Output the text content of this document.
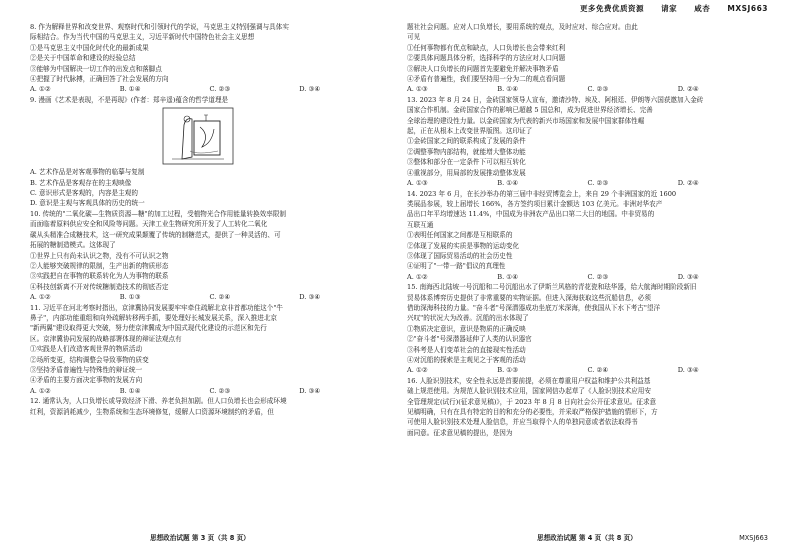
更多免费优质资源 请家 咸杏 MXSJ663

8. 作为解释世界和改变世界、观察时代和引领时代的学说，马克思主义特别强调与具体实

际相结合。作为当代中国的马克思主义，习近平新时代中国特色社会主义思想

①是马克思主义中国化时代化的最新成果

②是关于中国革命和建设的经验总结

③能够为中国解决一切工作的出发点和落脚点

④把握了时代脉搏，正确回答了社会发展的方向

A. ①②	B. ①④	C. ②③	D. ③④

9. 漫画《艺术是表现，不是再现》(作者：郑辛遥)蕴含的哲学道理是

A. 艺术作品是对客观事物的临摹与复制

B. 艺术作品是客观存在的主观映像

C. 意识形式是客观的，内容是主观的

D. 意识是主观与客观具体的历史的统一

10. 传统的"二氧化碳—生物质资源—糖"的加工过程，受植物光合作用能量转换效率限制

而面临着原料供应安全和风险等问题。天津工业生物研究所开发了人工转化二氧化

碳从头精准合成糖技术，这一研究成果颠覆了传统的制糖范式，提供了一种灵活的、可

拓展的糖制造模式。这体现了

①世界上只有尚未认识之物，没有不可认识之物

②人能够突破规律的限制，生产出新的物质形态

③实践把自在事物的联系转化为人为事物的联系

④科技创新离不开对传统糖制造技术的彻底否定

A. ①②	B. ①③	C. ②④	D. ③④

11. 习近平在河北考察时指出，京津冀协同发展要牢牢牵住疏解北京非首都功能这个"牛

鼻子"，内部功能重组和向外疏解转移两手抓，要处理好长城发展关系，深入推进北京

"新两翼"建设取得更大突破，努力使京津冀成为中国式现代化建设的示范区和先行

区。京津冀协同发展的战略部署体现的辩证法观点有

①实践是人们改造客观世界的物质活动

②场所变更，结构调整会导致事物的质变

③坚持矛盾普遍性与特殊性的辩证统一

④矛盾的主要方面决定事物的发展方向

A. ①②	B. ①④	C. ②③	D. ③④

12. 通常认为，人口负增长或导致经济下滑、养老负担加剧。但人口负增长也会形成环境

红利，资源消耗减少，生物系统和生态环境修复，缓解人口资源环境制约的矛盾，但

思想政治试题 第 3 页（共 8 页）

题社社会问题。应对人口负增长，要用系统的观点，及时应对、综合应对。由此

可见

①任何事物都有优点和缺点，人口负增长也会带来红利

②要具体问题具体分析，选择科学的方法应对人口问题

③解决人口负增长的问题首先要避免并解决事物矛盾

④矛盾有普遍性，我们要坚持用一分为二的观点看问题

A. ①③	B. ①④	C. ②③	D. ②④

13. 2023 年 8 月 24 日，金砖国家领导人宣布，邀请沙特、埃及、阿根廷、伊朗等六国获邀加入金砖

国家合作机制。金砖国家合作的影响已超越 5 国总和，成为促进世界经济增长、完善

全球治理的建设性力量。以金砖国家为代表的新兴市场国家和发展中国家群体性崛

起，正在从根本上改变世界版图。这印证了

①金砖国家之间的联系构成了发展的条件

②调整事物内部结构，就能增大整体功能

③整体和部分在一定条件下可以相互转化

④重视部分，用局部的发展推动整体发展

A. ①③	B. ①④	C. ②③	D. ②④

14. 2023 年 6 月，在长沙举办的第三届中非经贸博览会上，来自 29 个非洲国家的近 1600

类展品参展，较上届增长 166%，各方签约项目累计金额达 103 亿美元。非洲对华农产

品出口年平均增速达 11.4%，中国成为非洲农产品出口第二大目的地国。中非贸易的

互联互通

①表明任何国家之间都是互相联系的

②体现了发展的实质是事物的运动变化

③体现了国际贸易活动的社会历史性

④证明了"一带一路"倡议的真理性

A. ①②	B. ①④	C. ②③	D. ③④

15. 南海西北陆坡一号沉船和二号沉船出水了伊斯兰风格的青花瓷和珐华器，给大航海时期阶段新旧

贸易体系博弈历史提供了非常重要的实物证据。但进入深海获取这些沉船信息，必须

借助深海科技的力量。"奋斗者"号深潜器成功坐底万米深海，使我国从下水下考古"望洋

兴叹"的状况大为改善。沉船的出水体现了

①物质决定意识，意识是物质的正确反映

②"奋斗者"号深潜器延伸了人类的认识器官

③科考是人们变革社会的直接现实性活动

④对沉船的探索是主观见之于客观的活动

A. ①②	B. ①③	C. ②④	D. ③④

16. 人脸识别技术，安全性永远是首要前提，必须在尊重用户权益和维护公共利益基

础上规范使用。为规范人脸识别技术应用，国家网信办起草了《人脸识别技术应用安

全管理规定(试行)(征求意见稿)》，于 2023 年 8 月 8 日向社会公开征求意见。征求意

见稿明确，只有在具有特定的目的和充分的必要性，并采取严格保护措施的情形下，方

可使用人脸识别技术处理人脸信息，并应当取得个人的单独同意或者依法取得书

面同意。征求意见稿的提出，是因为

思想政治试题 第 4 页（共 8 页）	MXSJ663
